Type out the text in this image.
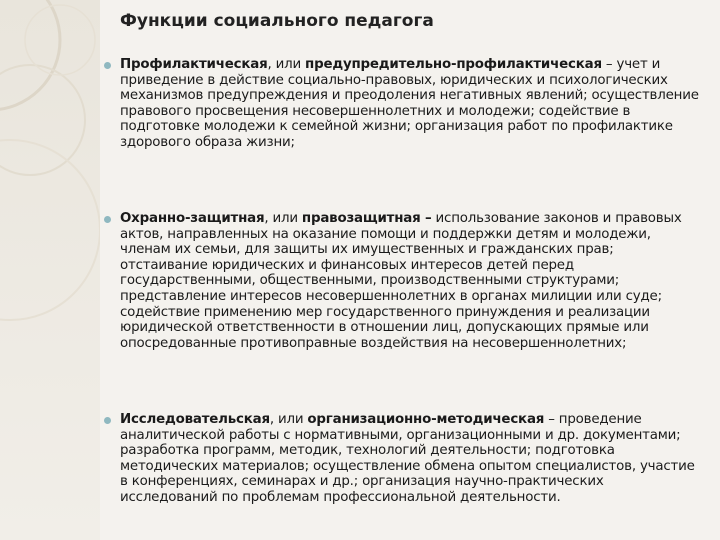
Функции социального педагога
Профилактическая, или предупредительно-профилактическая – учет и приведение в действие социально-правовых, юридических и психологических механизмов предупреждения и преодоления негативных явлений; осуществление правового просвещения несовершеннолетних и молодежи; содействие в подготовке молодежи к семейной жизни; организация работ по профилактике здорового образа жизни;
Охранно-защитная, или правозащитная – использование законов и правовых актов, направленных на оказание помощи и поддержки детям и молодежи, членам их семьи, для защиты их имущественных и гражданских прав; отстаивание юридических и финансовых интересов детей перед государственными, общественными, производственными структурами; представление интересов несовершеннолетних в органах милиции или суде; содействие применению мер государственного принуждения и реализации юридической ответственности в отношении лиц, допускающих прямые или опосредованные противоправные воздействия на несовершеннолетних;
Исследовательская, или организационно-методическая – проведение аналитической работы с нормативными, организационными и др. документами; разработка программ, методик, технологий деятельности; подготовка методических материалов; осуществление обмена опытом специалистов, участие в конференциях, семинарах и др.; организация научно-практических исследований по проблемам профессиональной деятельности.
